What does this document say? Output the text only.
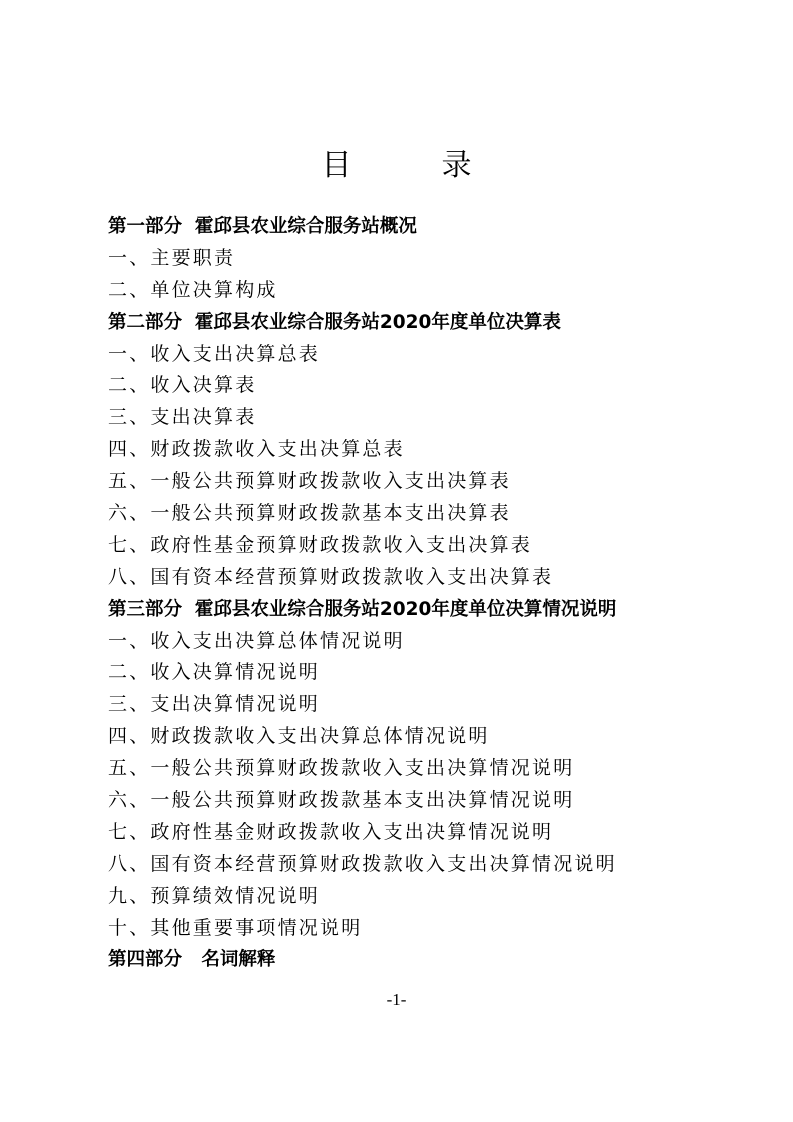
目　录
第一部分  霍邱县农业综合服务站概况
一、主要职责
二、单位决算构成
第二部分  霍邱县农业综合服务站2020年度单位决算表
一、收入支出决算总表
二、收入决算表
三、支出决算表
四、财政拨款收入支出决算总表
五、一般公共预算财政拨款收入支出决算表
六、一般公共预算财政拨款基本支出决算表
七、政府性基金预算财政拨款收入支出决算表
八、国有资本经营预算财政拨款收入支出决算表
第三部分  霍邱县农业综合服务站2020年度单位决算情况说明
一、收入支出决算总体情况说明
二、收入决算情况说明
三、支出决算情况说明
四、财政拨款收入支出决算总体情况说明
五、一般公共预算财政拨款收入支出决算情况说明
六、一般公共预算财政拨款基本支出决算情况说明
七、政府性基金财政拨款收入支出决算情况说明
八、国有资本经营预算财政拨款收入支出决算情况说明
九、预算绩效情况说明
十、其他重要事项情况说明
第四部分   名词解释
-1-
